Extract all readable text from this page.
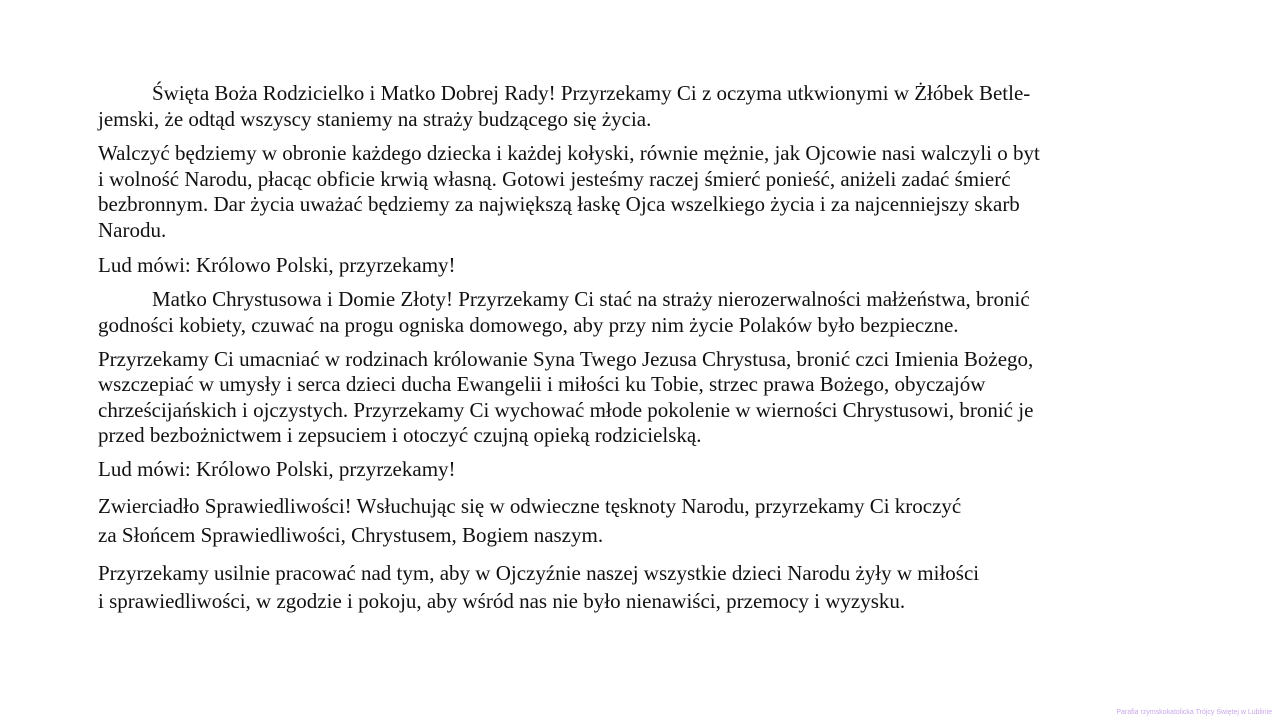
Święta Boża Rodzicielko i Matko Dobrej Rady! Przyrzekamy Ci z oczyma utkwionymi w Żłóbek Betle-
jemski, że odtąd wszyscy staniemy na straży budzącego się życia.
Walczyć będziemy w obronie każdego dziecka i każdej kołyski, równie mężnie, jak Ojcowie nasi walczyli o byt
i wolność Narodu, płacąc obficie krwią własną. Gotowi jesteśmy raczej śmierć ponieść, aniżeli zadać śmierć
bezbronnym. Dar życia uważać będziemy za największą łaskę Ojca wszelkiego życia i za najcenniejszy skarb
Narodu.
Lud mówi: Królowo Polski, przyrzekamy!
Matko Chrystusowa i Domie Złoty! Przyrzekamy Ci stać na straży nierozerwalności małżeństwa, bronić
godności kobiety, czuwać na progu ogniska domowego, aby przy nim życie Polaków było bezpieczne.
Przyrzekamy Ci umacniać w rodzinach królowanie Syna Twego Jezusa Chrystusa, bronić czci Imienia Bożego,
wszczepiać w umysły i serca dzieci ducha Ewangelii i miłości ku Tobie, strzec prawa Bożego, obyczajów
chrześcijańskich i ojczystych. Przyrzekamy Ci wychować młode pokolenie w wierności Chrystusowi, bronić je
przed bezbożnictwem i zepsuciem i otoczyć czujną opieką rodzicielską.
Lud mówi: Królowo Polski, przyrzekamy!
Zwierciadło Sprawiedliwości! Wsłuchując się w odwieczne tęsknoty Narodu, przyrzekamy Ci kroczyć
za Słońcem Sprawiedliwości, Chrystusem, Bogiem naszym.
Przyrzekamy usilnie pracować nad tym, aby w Ojczyźnie naszej wszystkie dzieci Narodu żyły w miłości
i sprawiedliwości, w zgodzie i pokoju, aby wśród nas nie było nienawiści, przemocy i wyzysku.
Parafia rzymskokatolicka Trójcy Świętej w Lublinie
